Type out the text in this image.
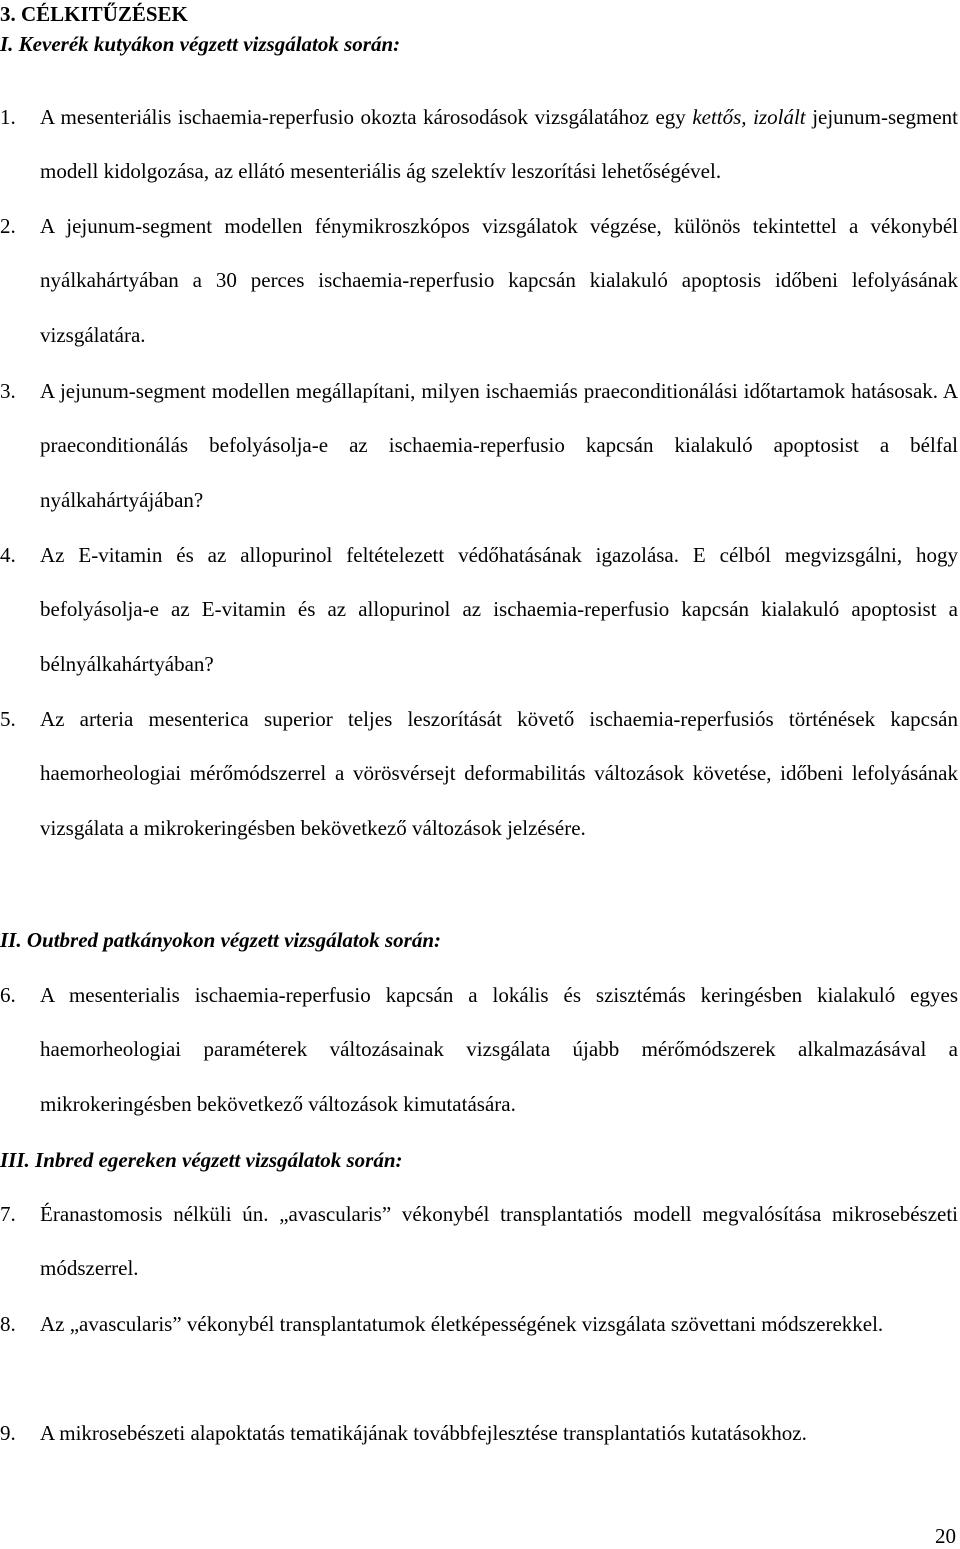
3. CÉLKITŰZÉSEK
I. Keverék kutyákon végzett vizsgálatok során:
1. A mesenteriális ischaemia-reperfusio okozta károsodások vizsgálatához egy kettős, izolált jejunum-segment modell kidolgozása, az ellátó mesenteriális ág szelektív leszorítási lehetőségével.
2. A jejunum-segment modellen fénymikroszkópos vizsgálatok végzése, különös tekintettel a vékonybél nyálkahártyában a 30 perces ischaemia-reperfusio kapcsán kialakuló apoptosis időbeni lefolyásának vizsgálatára.
3. A jejunum-segment modellen megállapítani, milyen ischaemiás praeconditionálási időtartamok hatásosak. A praeconditionálás befolyásolja-e az ischaemia-reperfusio kapcsán kialakuló apoptosist a bélfal nyálkahártyájában?
4. Az E-vitamin és az allopurinol feltételezett védőhatásának igazolása. E célból megvizsgálni, hogy befolyásolja-e az E-vitamin és az allopurinol az ischaemia-reperfusio kapcsán kialakuló apoptosist a bélnyálkahártyában?
5. Az arteria mesenterica superior teljes leszorítását követő ischaemia-reperfusiós történések kapcsán haemorheologiai mérőmódszerrel a vörösvérsejt deformabilitás változások követése, időbeni lefolyásának vizsgálata a mikrokeringésben bekövetkező változások jelzésére.
II. Outbred patkányokon végzett vizsgálatok során:
6. A mesenterialis ischaemia-reperfusio kapcsán a lokális és szisztémás keringésben kialakuló egyes haemorheologiai paraméterek változásainak vizsgálata újabb mérőmódszerek alkalmazásával a mikrokeringésben bekövetkező változások kimutatására.
III. Inbred egereken végzett vizsgálatok során:
7. Éranastomosis nélküli ún. „avascularis” vékonybél transplantatiós modell megvalósítása mikrosebészeti módszerrel.
8. Az „avascularis” vékonybél transplantatumok életképességének vizsgálata szövettani módszerekkel.
9. A mikrosebészeti alapoktatás tematikájának továbbfejlesztése transplantatiós kutatásokhoz.
20
